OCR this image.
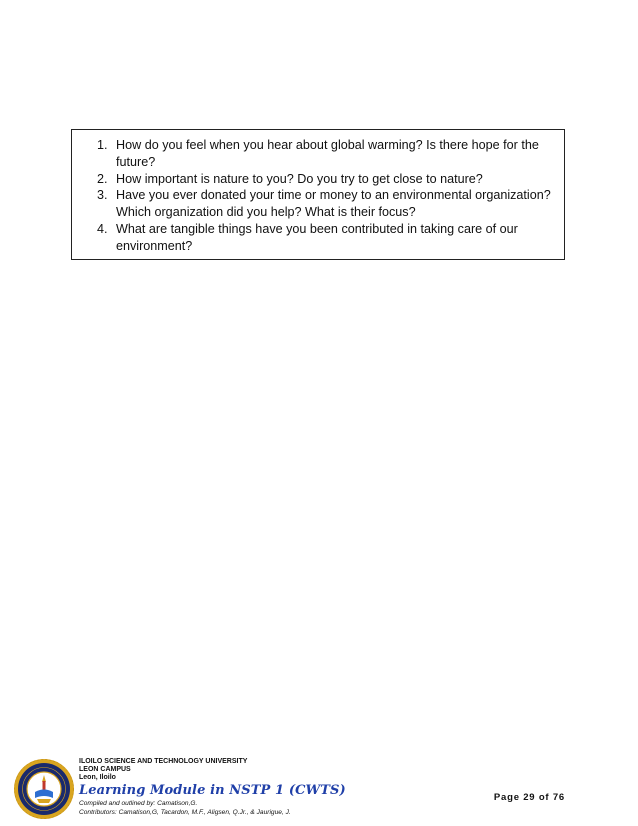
1. How do you feel when you hear about global warming? Is there hope for the future?
2. How important is nature to you? Do you try to get close to nature?
3. Have you ever donated your time or money to an environmental organization? Which organization did you help? What is their focus?
4. What are tangible things have you been contributed in taking care of our environment?
ILOILO SCIENCE AND TECHNOLOGY UNIVERSITY
LEON CAMPUS
Leon, Iloilo
Learning Module in NSTP 1 (CWTS)
Compiled and outlined by: Camatison,G.
Contributors: Camatison,G, Tacardon, M.F., Aligsen, Q.Jr., & Jaurigue, J.
Page 29 of 76
